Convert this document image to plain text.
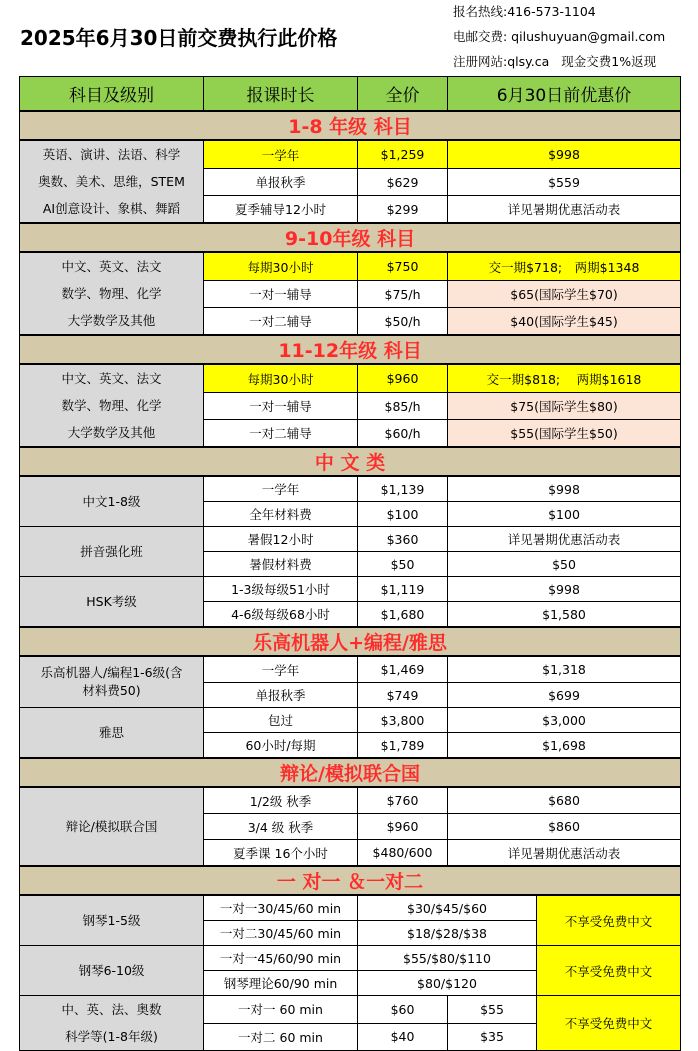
2025年6月30日前交费执行此价格
报名热线:416-573-1104
电邮交费: qilushuyuan@gmail.com
注册网站:qlsy.ca 现金交费1%返现
科目及级别	报课时长	全价	6月30日前优惠价	
1-8 年级 科目				
英语、演讲、法语、科学
奥数、美术、思维，STEM
AI创意设计、象棋、舞蹈	一学年	$1,259	$998	
	单报秋季	$629	$559	
	夏季辅导12小时	$299	详见暑期优惠活动表	
9-10年级 科目				
中文、英文、法文
数学、物理、化学
大学数学及其他	每期30小时	$750	交一期$718;　两期$1348	
	一对一辅导	$75/h	$65(国际学生$70)	
	一对二辅导	$50/h	$40(国际学生$45)	
11-12年级 科目				
中文、英文、法文
数学、物理、化学
大学数学及其他	每期30小时	$960	交一期$818;　 两期$1618	
	一对一辅导	$85/h	$75(国际学生$80)	
	一对二辅导	$60/h	$55(国际学生$50)	
中 文 类				
中文1-8级	一学年	$1,139	$998	
	全年材料费	$100	$100	
拼音强化班	暑假12小时	$360	详见暑期优惠活动表	
	暑假材料费	$50	$50	
HSK考级	1-3级每级51小时	$1,119	$998	
	4-6级每级68小时	$1,680	$1,580	
乐高机器人+编程/雅思				
乐高机器人/编程1-6级(含
材料费50)	一学年	$1,469	$1,318	
	单报秋季	$749	$699	
雅思	包过	$3,800	$3,000	
	60小时/每期	$1,789	$1,698	
辩论/模拟联合国				
辩论/模拟联合国	1/2级 秋季	$760	$680	
	3/4 级 秋季	$960	$860	
	夏季课 16个小时	$480/600	详见暑期优惠活动表	
一 对一 ＆一对二				
钢琴1-5级	一对一30/45/60 min	$30/$45/$60		不享受免费中文
	一对二30/45/60 min	$18/$28/$38		
钢琴6-10级	一对一45/60/90 min	$55/$80/$110		不享受免费中文
	钢琴理论60/90 min	$80/$120		
中、英、法、奥数
科学等(1-8年级)	一对一 60 min	$60	$55	不享受免费中文
	一对二 60 min	$40	$35	
